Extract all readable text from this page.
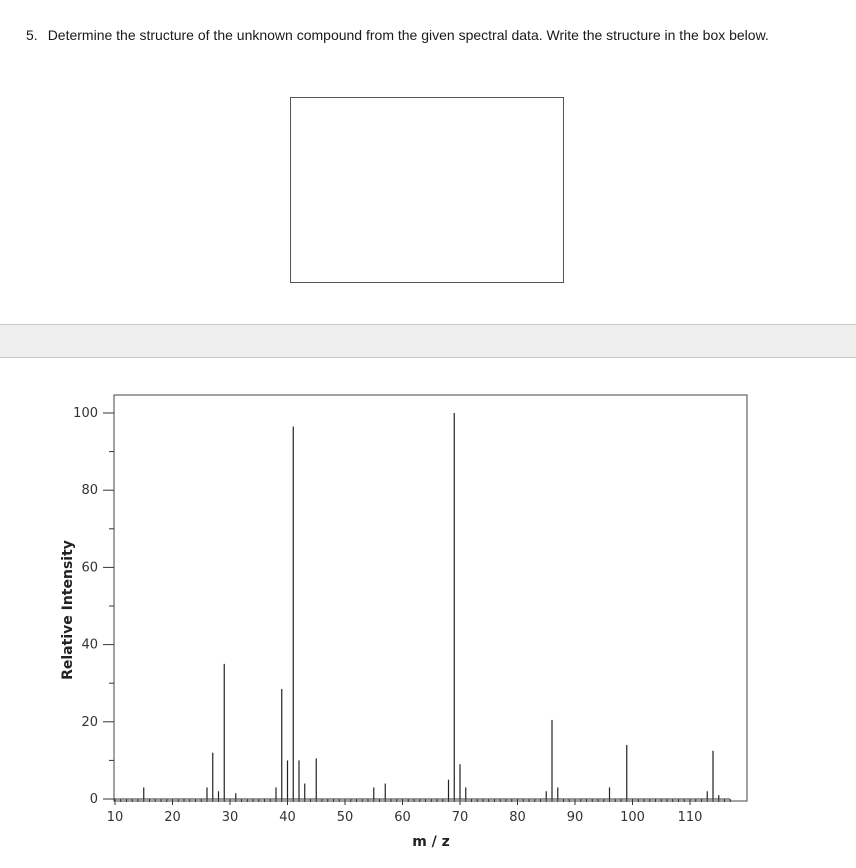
5. Determine the structure of the unknown compound from the given spectral data. Write the structure in the box below.
10	20	30	40	50	60	70	80	90	100	110
0
20
40
60
80
100
m / z
Relative Intensity
